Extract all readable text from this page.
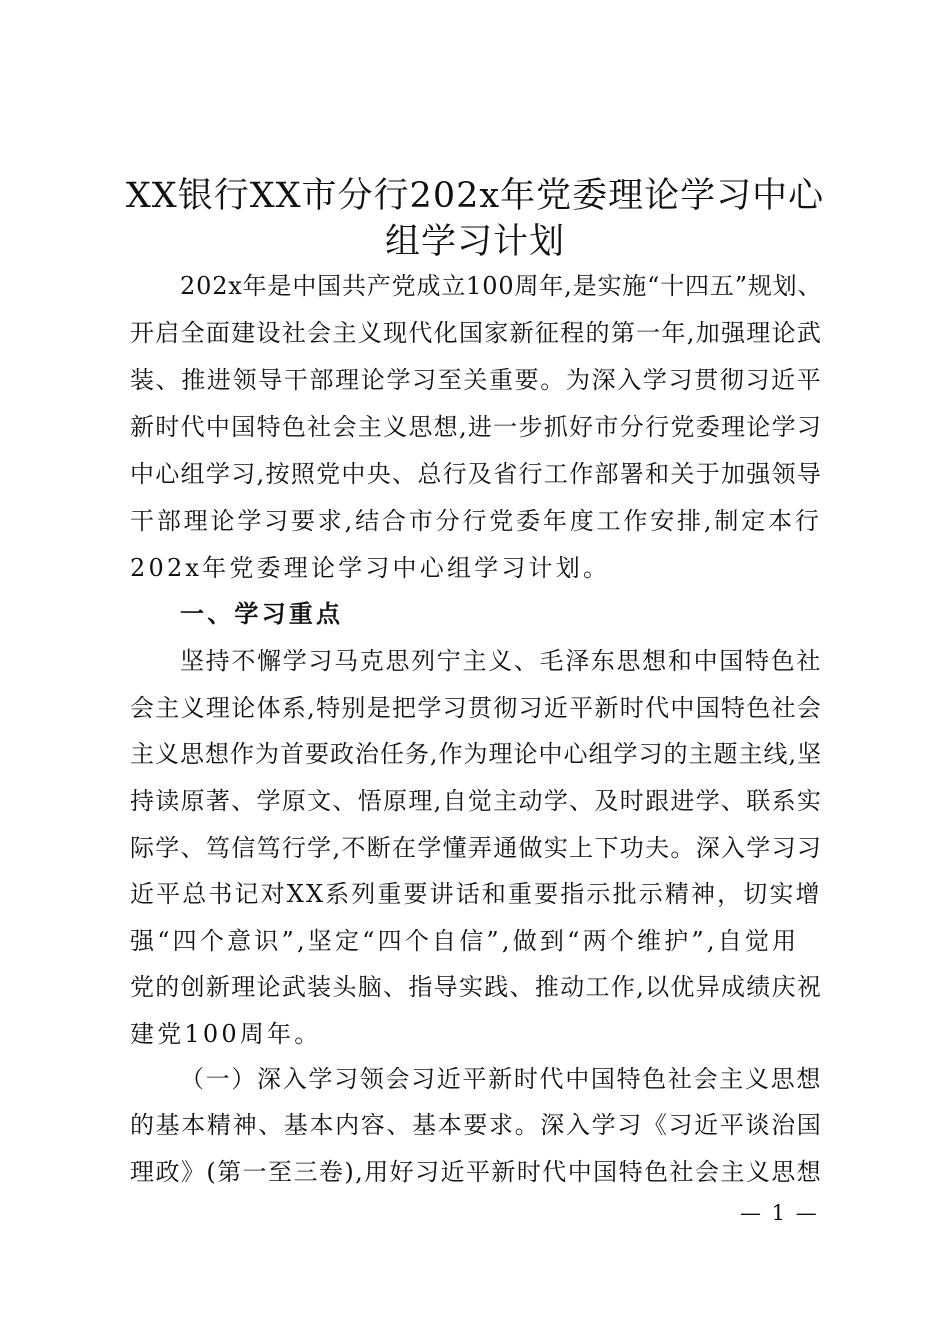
XX银行XX市分行202x年党委理论学习中心
组学习计划
202x年是中国共产党成立100周年,是实施“十四五”规划、
开启全面建设社会主义现代化国家新征程的第一年,加强理论武
装、推进领导干部理论学习至关重要。为深入学习贯彻习近平
新时代中国特色社会主义思想,进一步抓好市分行党委理论学习
中心组学习,按照党中央、总行及省行工作部署和关于加强领导
干部理论学习要求,结合市分行党委年度工作安排,制定本行
202x年党委理论学习中心组学习计划。
一、学习重点
坚持不懈学习马克思列宁主义、毛泽东思想和中国特色社
会主义理论体系,特别是把学习贯彻习近平新时代中国特色社会
主义思想作为首要政治任务,作为理论中心组学习的主题主线,坚
持读原著、学原文、悟原理,自觉主动学、及时跟进学、联系实
际学、笃信笃行学,不断在学懂弄通做实上下功夫。深入学习习
近平总书记对XX系列重要讲话和重要指示批示精神，切实增
强“四个意识”,坚定“四个自信”,做到“两个维护”,自觉用
党的创新理论武装头脑、指导实践、推动工作,以优异成绩庆祝
建党100周年。
（一）深入学习领会习近平新时代中国特色社会主义思想
的基本精神、基本内容、基本要求。深入学习《习近平谈治国
理政》(第一至三卷),用好习近平新时代中国特色社会主义思想
— 1 —
